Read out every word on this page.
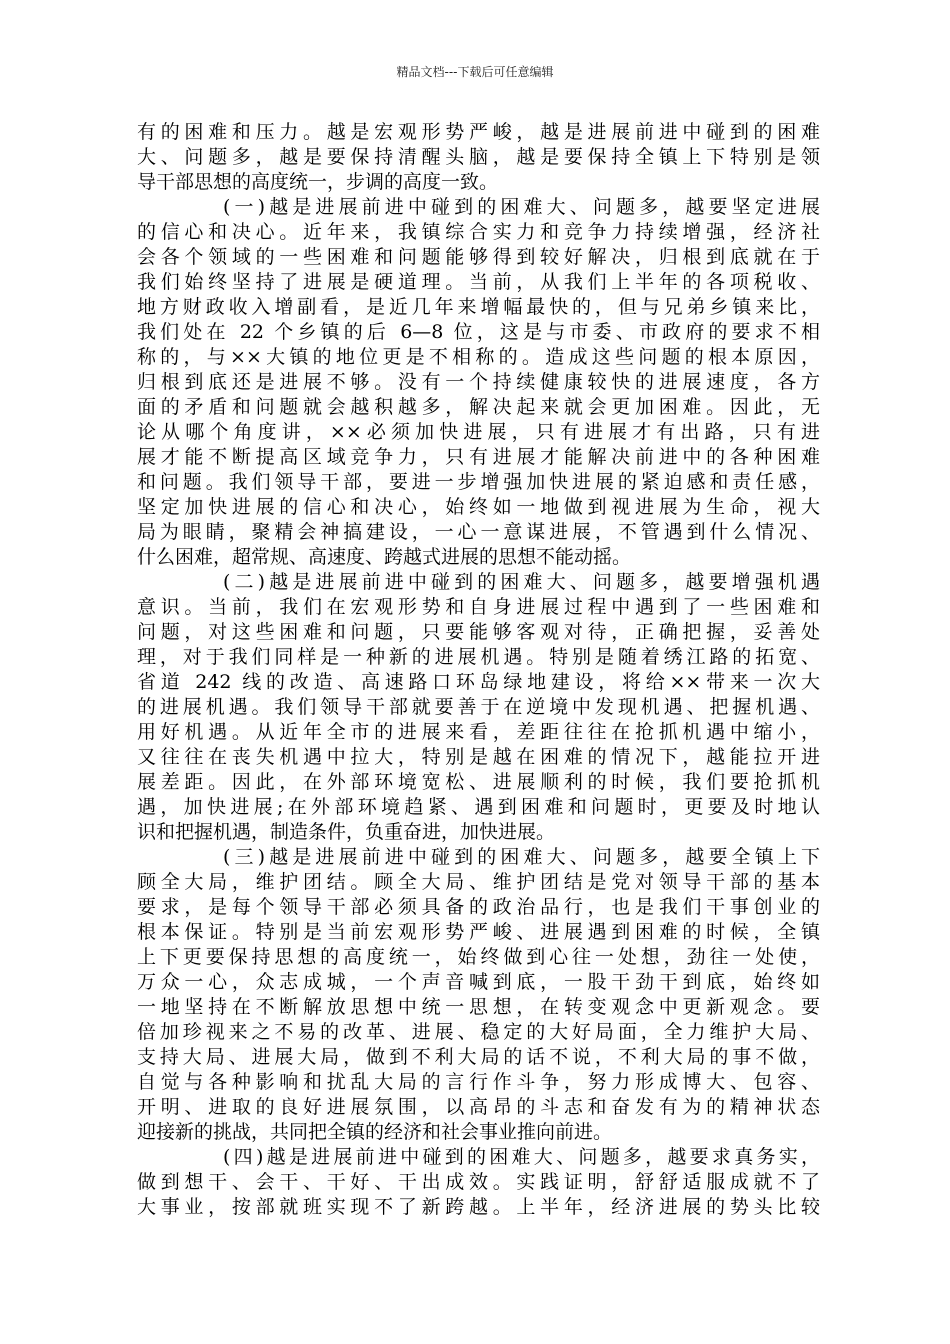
精品文档---下载后可任意编辑
有的困难和压力。越是宏观形势严峻，越是进展前进中碰到的困难
大、问题多，越是要保持清醒头脑，越是要保持全镇上下特别是领
导干部思想的高度统一，步调的高度一致。
(一)越是进展前进中碰到的困难大、问题多，越要坚定进展
的信心和决心。近年来，我镇综合实力和竞争力持续增强，经济社
会各个领域的一些困难和问题能够得到较好解决，归根到底就在于
我们始终坚持了进展是硬道理。当前，从我们上半年的各项税收、
地方财政收入增副看，是近几年来增幅最快的，但与兄弟乡镇来比，
我们处在 22 个乡镇的后 6—8 位，这是与市委、市政府的要求不相
称的，与××大镇的地位更是不相称的。造成这些问题的根本原因，
归根到底还是进展不够。没有一个持续健康较快的进展速度，各方
面的矛盾和问题就会越积越多，解决起来就会更加困难。因此，无
论从哪个角度讲，××必须加快进展，只有进展才有出路，只有进
展才能不断提高区域竞争力，只有进展才能解决前进中的各种困难
和问题。我们领导干部，要进一步增强加快进展的紧迫感和责任感，
坚定加快进展的信心和决心，始终如一地做到视进展为生命，视大
局为眼睛，聚精会神搞建设，一心一意谋进展，不管遇到什么情况、
什么困难，超常规、高速度、跨越式进展的思想不能动摇。
(二)越是进展前进中碰到的困难大、问题多，越要增强机遇
意识。当前，我们在宏观形势和自身进展过程中遇到了一些困难和
问题，对这些困难和问题，只要能够客观对待，正确把握，妥善处
理，对于我们同样是一种新的进展机遇。特别是随着绣江路的拓宽、
省道 242 线的改造、高速路口环岛绿地建设，将给××带来一次大
的进展机遇。我们领导干部就要善于在逆境中发现机遇、把握机遇、
用好机遇。从近年全市的进展来看，差距往往在抢抓机遇中缩小，
又往往在丧失机遇中拉大，特别是越在困难的情况下，越能拉开进
展差距。因此，在外部环境宽松、进展顺利的时候，我们要抢抓机
遇，加快进展;在外部环境趋紧、遇到困难和问题时，更要及时地认
识和把握机遇，制造条件，负重奋进，加快进展。
(三)越是进展前进中碰到的困难大、问题多，越要全镇上下
顾全大局，维护团结。顾全大局、维护团结是党对领导干部的基本
要求，是每个领导干部必须具备的政治品行，也是我们干事创业的
根本保证。特别是当前宏观形势严峻、进展遇到困难的时候，全镇
上下更要保持思想的高度统一，始终做到心往一处想，劲往一处使，
万众一心，众志成城，一个声音喊到底，一股干劲干到底，始终如
一地坚持在不断解放思想中统一思想，在转变观念中更新观念。要
倍加珍视来之不易的改革、进展、稳定的大好局面，全力维护大局、
支持大局、进展大局，做到不利大局的话不说，不利大局的事不做，
自觉与各种影响和扰乱大局的言行作斗争，努力形成博大、包容、
开明、进取的良好进展氛围，以高昂的斗志和奋发有为的精神状态
迎接新的挑战，共同把全镇的经济和社会事业推向前进。
(四)越是进展前进中碰到的困难大、问题多，越要求真务实，
做到想干、会干、干好、干出成效。实践证明，舒舒适服成就不了
大事业，按部就班实现不了新跨越。上半年，经济进展的势头比较
